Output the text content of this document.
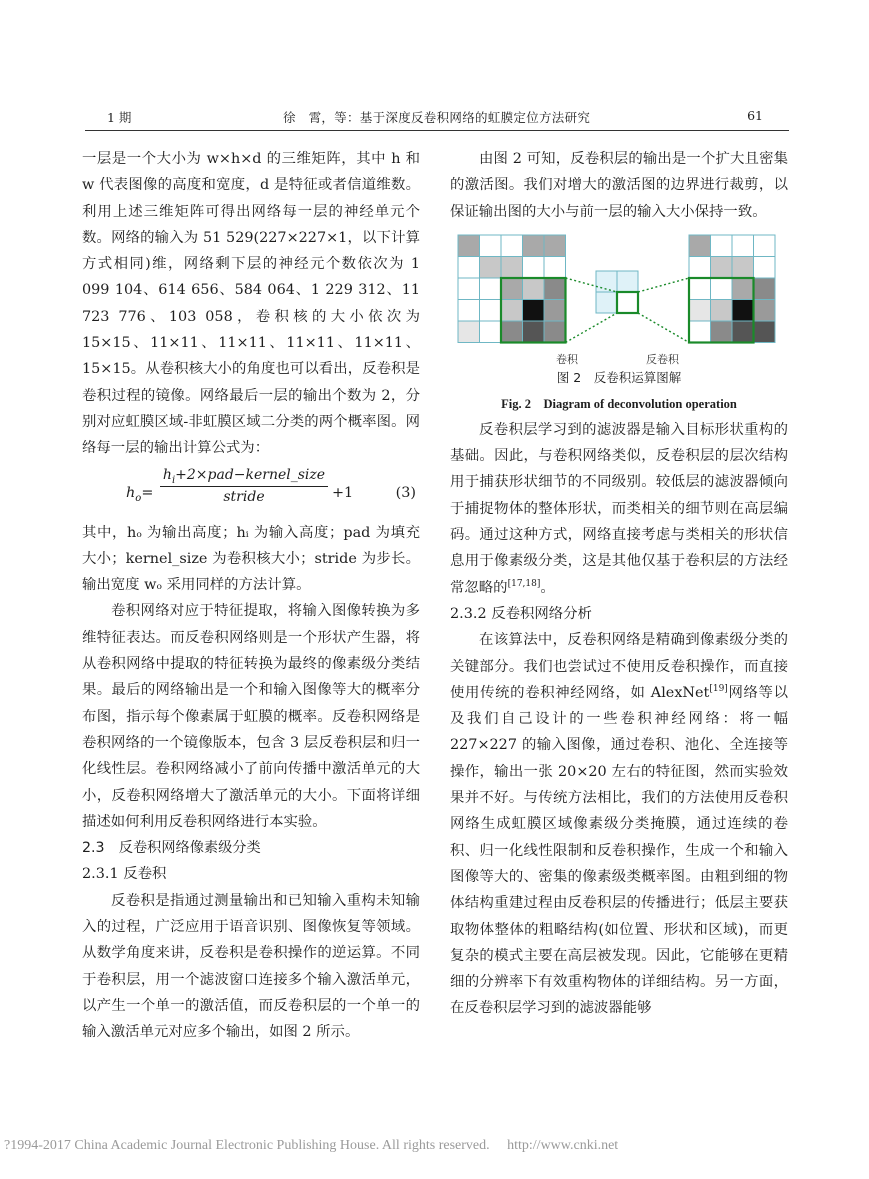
1 期	徐　霄，等：基于深度反卷积网络的虹膜定位方法研究	61

一层是一个大小为 w×h×d 的三维矩阵，其中 h 和 w 代表图像的高度和宽度，d 是特征或者信道维数。利用上述三维矩阵可得出网络每一层的神经单元个数。网络的输入为 51 529(227×227×1，以下计算方式相同)维，网络剩下层的神经元个数依次为 1 099 104、614 656、584 064、1 229 312、11 723 776、103 058，卷积核的大小依次为 15×15、11×11、11×11、11×11、11×11、15×15。从卷积核大小的角度也可以看出，反卷积是卷积过程的镜像。网络最后一层的输出个数为 2，分别对应虹膜区域-非虹膜区域二分类的两个概率图。网络每一层的输出计算公式为：

$h_o=$
$h_i+2\times pad-kernel\_size$
stride	+1	(3)

其中，hₒ 为输出高度；hᵢ 为输入高度；pad 为填充大小；kernel_size 为卷积核大小；stride 为步长。输出宽度 wₒ 采用同样的方法计算。

卷积网络对应于特征提取，将输入图像转换为多维特征表达。而反卷积网络则是一个形状产生器，将从卷积网络中提取的特征转换为最终的像素级分类结果。最后的网络输出是一个和输入图像等大的概率分布图，指示每个像素属于虹膜的概率。反卷积网络是卷积网络的一个镜像版本，包含 3 层反卷积层和归一化线性层。卷积网络减小了前向传播中激活单元的大小，反卷积网络增大了激活单元的大小。下面将详细描述如何利用反卷积网络进行本实验。

2.3　反卷积网络像素级分类

2.3.1 反卷积

反卷积是指通过测量输出和已知输入重构未知输入的过程，广泛应用于语音识别、图像恢复等领域。从数学角度来讲，反卷积是卷积操作的逆运算。不同于卷积层，用一个滤波窗口连接多个输入激活单元，以产生一个单一的激活值，而反卷积层的一个单一的输入激活单元对应多个输出，如图 2 所示。

由图 2 可知，反卷积层的输出是一个扩大且密集的激活图。我们对增大的激活图的边界进行裁剪，以保证输出图的大小与前一层的输入大小保持一致。

卷积	反卷积

图 2　反卷积运算图解

Fig. 2　Diagram of deconvolution operation

反卷积层学习到的滤波器是输入目标形状重构的基础。因此，与卷积网络类似，反卷积层的层次结构用于捕获形状细节的不同级别。较低层的滤波器倾向于捕捉物体的整体形状，而类相关的细节则在高层编码。通过这种方式，网络直接考虑与类相关的形状信息用于像素级分类，这是其他仅基于卷积层的方法经常忽略的[17,18]。

2.3.2 反卷积网络分析

在该算法中，反卷积网络是精确到像素级分类的关键部分。我们也尝试过不使用反卷积操作，而直接使用传统的卷积神经网络，如 AlexNet[19]网络等以及我们自己设计的一些卷积神经网络：将一幅 227×227 的输入图像，通过卷积、池化、全连接等操作，输出一张 20×20 左右的特征图，然而实验效果并不好。与传统方法相比，我们的方法使用反卷积网络生成虹膜区域像素级分类掩膜，通过连续的卷积、归一化线性限制和反卷积操作，生成一个和输入图像等大的、密集的像素级类概率图。由粗到细的物体结构重建过程由反卷积层的传播进行；低层主要获取物体整体的粗略结构(如位置、形状和区域)，而更复杂的模式主要在高层被发现。因此，它能够在更精细的分辨率下有效重构物体的详细结构。另一方面，在反卷积层学习到的滤波器能够

?1994-2017 China Academic Journal Electronic Publishing House. All rights reserved.　 http://www.cnki.net
